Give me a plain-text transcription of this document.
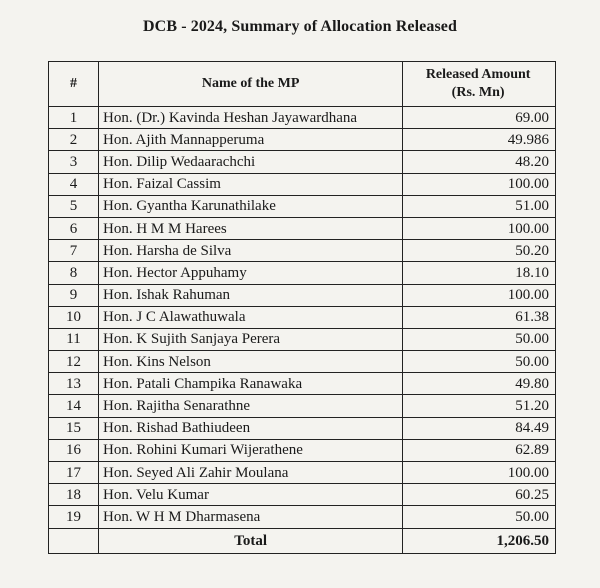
DCB - 2024, Summary of Allocation Released
#	Name of the MP	Released Amount
(Rs. Mn)
1	Hon. (Dr.) Kavinda Heshan Jayawardhana	69.00
2	Hon. Ajith Mannapperuma	49.986
3	Hon. Dilip Wedaarachchi	48.20
4	Hon. Faizal Cassim	100.00
5	Hon. Gyantha Karunathilake	51.00
6	Hon. H M M Harees	100.00
7	Hon. Harsha de Silva	50.20
8	Hon. Hector Appuhamy	18.10
9	Hon. Ishak Rahuman	100.00
10	Hon. J C Alawathuwala	61.38
11	Hon. K Sujith Sanjaya Perera	50.00
12	Hon. Kins Nelson	50.00
13	Hon. Patali Champika Ranawaka	49.80
14	Hon. Rajitha Senarathne	51.20
15	Hon. Rishad Bathiudeen	84.49
16	Hon. Rohini Kumari Wijerathene	62.89
17	Hon. Seyed Ali Zahir Moulana	100.00
18	Hon. Velu Kumar	60.25
19	Hon. W H M Dharmasena	50.00
	Total	1,206.50
